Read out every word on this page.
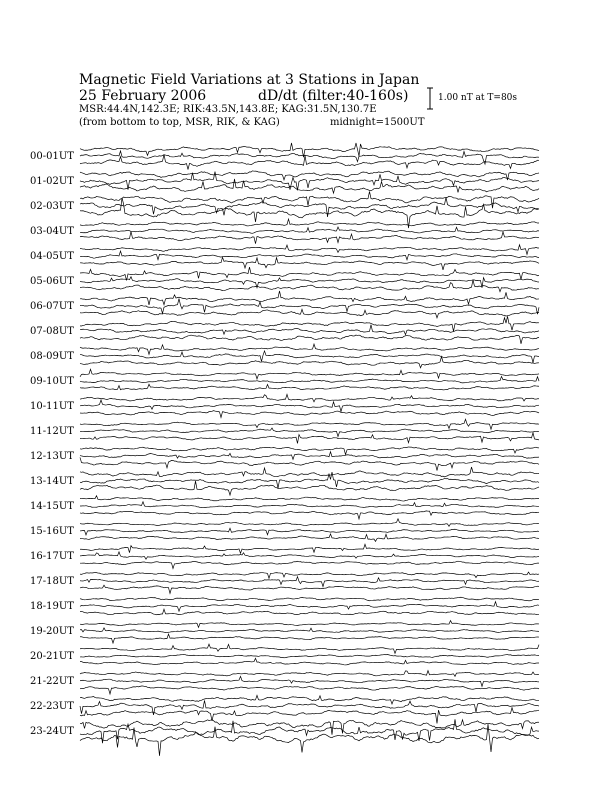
Magnetic Field Variations at 3 Stations in Japan
25 February 2006	dD/dt (filter:40-160s)
MSR:44.4N,142.3E; RIK:43.5N,143.8E; KAG:31.5N,130.7E
(from bottom to top, MSR, RIK, & KAG)	midnight=1500UT
1.00 nT at T=80s
00-01UT
01-02UT
02-03UT
03-04UT
04-05UT
05-06UT
06-07UT
07-08UT
08-09UT
09-10UT
10-11UT
11-12UT
12-13UT
13-14UT
14-15UT
15-16UT
16-17UT
17-18UT
18-19UT
19-20UT
20-21UT
21-22UT
22-23UT
23-24UT
